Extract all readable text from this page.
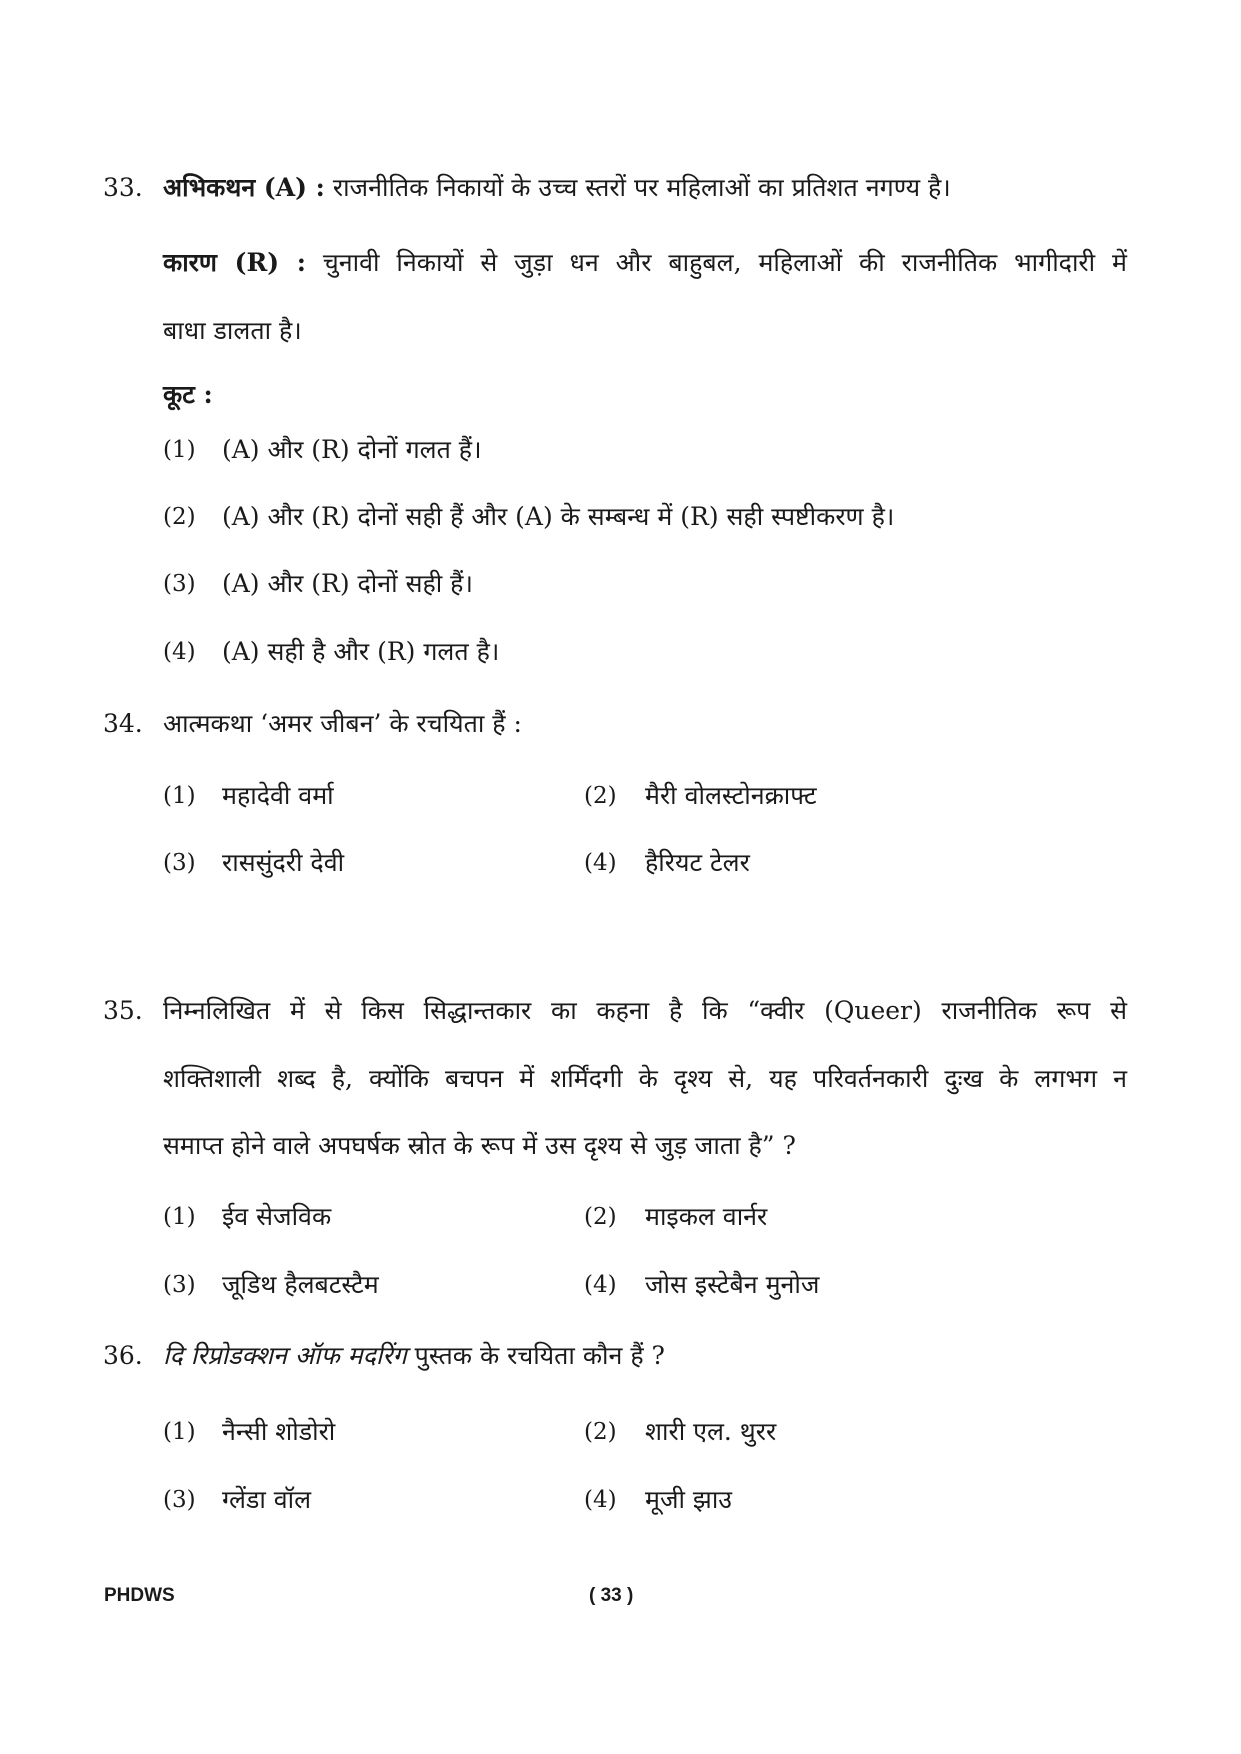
33. अभिकथन (A) : राजनीतिक निकायों के उच्च स्तरों पर महिलाओं का प्रतिशत नगण्य है।
कारण (R) : चुनावी निकायों से जुड़ा धन और बाहुबल, महिलाओं की राजनीतिक भागीदारी में
बाधा डालता है।
कूट :
(1) (A) और (R) दोनों गलत हैं।
(2) (A) और (R) दोनों सही हैं और (A) के सम्बन्ध में (R) सही स्पष्टीकरण है।
(3) (A) और (R) दोनों सही हैं।
(4) (A) सही है और (R) गलत है।
34. आत्मकथा ‘अमर जीबन’ के रचयिता हैं :
(1) महादेवी वर्मा	(2) मैरी वोलस्टोनक्राफ्ट
(3) राससुंदरी देवी	(4) हैरियट टेलर
35. निम्नलिखित में से किस सिद्धान्तकार का कहना है कि “क्वीर (Queer) राजनीतिक रूप से
शक्तिशाली शब्द है, क्योंकि बचपन में शर्मिंदगी के दृश्य से, यह परिवर्तनकारी दुःख के लगभग न
समाप्त होने वाले अपघर्षक स्रोत के रूप में उस दृश्य से जुड़ जाता है” ?
(1) ईव सेजविक	(2) माइकल वार्नर
(3) जूडिथ हैलबटस्टैम	(4) जोस इस्टेबैन मुनोज
36. दि रिप्रोडक्शन ऑफ मदरिंग पुस्तक के रचयिता कौन हैं ?
(1) नैन्सी शोडोरो	(2) शारी एल. थुरर
(3) ग्लेंडा वॉल	(4) मूजी झाउ
PHDWS	( 33 )
